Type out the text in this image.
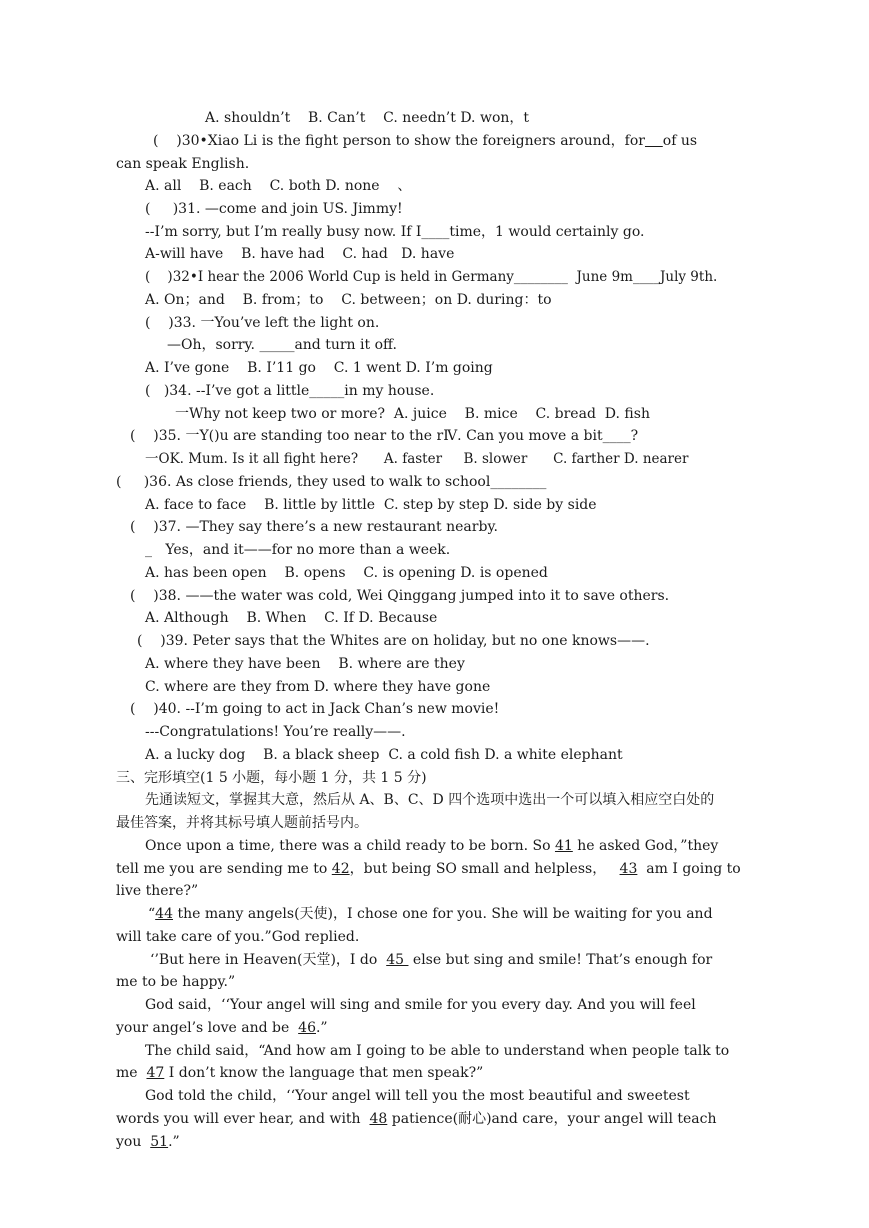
A. shouldn’t    B. Can’t    C. needn’t D. won，t
(    )30•Xiao Li is the fight person to show the foreigners around，for of us
can speak English.
A. all    B. each    C. both D. none    、
(     )31. —come and join US. Jimmy!
--I’m sorry, but I’m really busy now. If I____time，1 would certainly go.
A-will have    B. have had    C. had   D. have
(    )32•I hear the 2006 World Cup is held in Germany________  June 9m____July 9th.
A. On；and    B. from；to    C. between；on D. during：to
(    )33. 一You’ve left the light on.
—Oh，sorry. _____and turn it off.
A. I’ve gone    B. I’11 go    C. 1 went D. I’m going
(   )34. --I’ve got a little_____in my house.
一Why not keep two or more?  A. juice    B. mice    C. bread  D. fish
(    )35. 一Y()u are standing too near to the rⅣ. Can you move a bit____?
一OK. Mum. Is it all fight here?      A. faster     B. slower      C. farther D. nearer
(     )36. As close friends, they used to walk to school________
A. face to face    B. little by little  C. step by step D. side by side
(    )37. —They say there’s a new restaurant nearby.
_   Yes，and it——for no more than a week.
A. has been open    B. opens    C. is opening D. is opened
(    )38. ——the water was cold, Wei Qinggang jumped into it to save others.
A. Although    B. When    C. If D. Because
(    )39. Peter says that the Whites are on holiday, but no one knows——.
A. where they have been    B. where are they
C. where are they from D. where they have gone
(    )40. --I’m going to act in Jack Chan’s new movie!
---Congratulations! You’re really——.
A. a lucky dog    B. a black sheep  C. a cold fish D. a white elephant
三、完形填空(1 5 小题，每小题 1 分，共 1 5 分)
先通读短文，掌握其大意，然后从 A、B、C、D 四个选项中选出一个可以填入相应空白处的
最佳答案，并将其标号填人题前括号内。
Once upon a time, there was a child ready to be born. So 41 he asked God，”they
tell me you are sending me to 42，but being SO small and helpless，   43  am I going to
live there?”
“44 the many angels(天使)，I chose one for you. She will be waiting for you and
will take care of you.”God replied.
‘’But here in Heaven(天堂)，I do  45  else but sing and smile! That’s enough for
me to be happy.”
God said，‘‘Your angel will sing and smile for you every day. And you will feel
your angel’s love and be  46.”
The child said，“And how am I going to be able to understand when people talk to
me  47 I don’t know the language that men speak?”
God told the child，‘‘Your angel will tell you the most beautiful and sweetest
words you will ever hear, and with  48 patience(耐心)and care，your angel will teach
you  51.”
